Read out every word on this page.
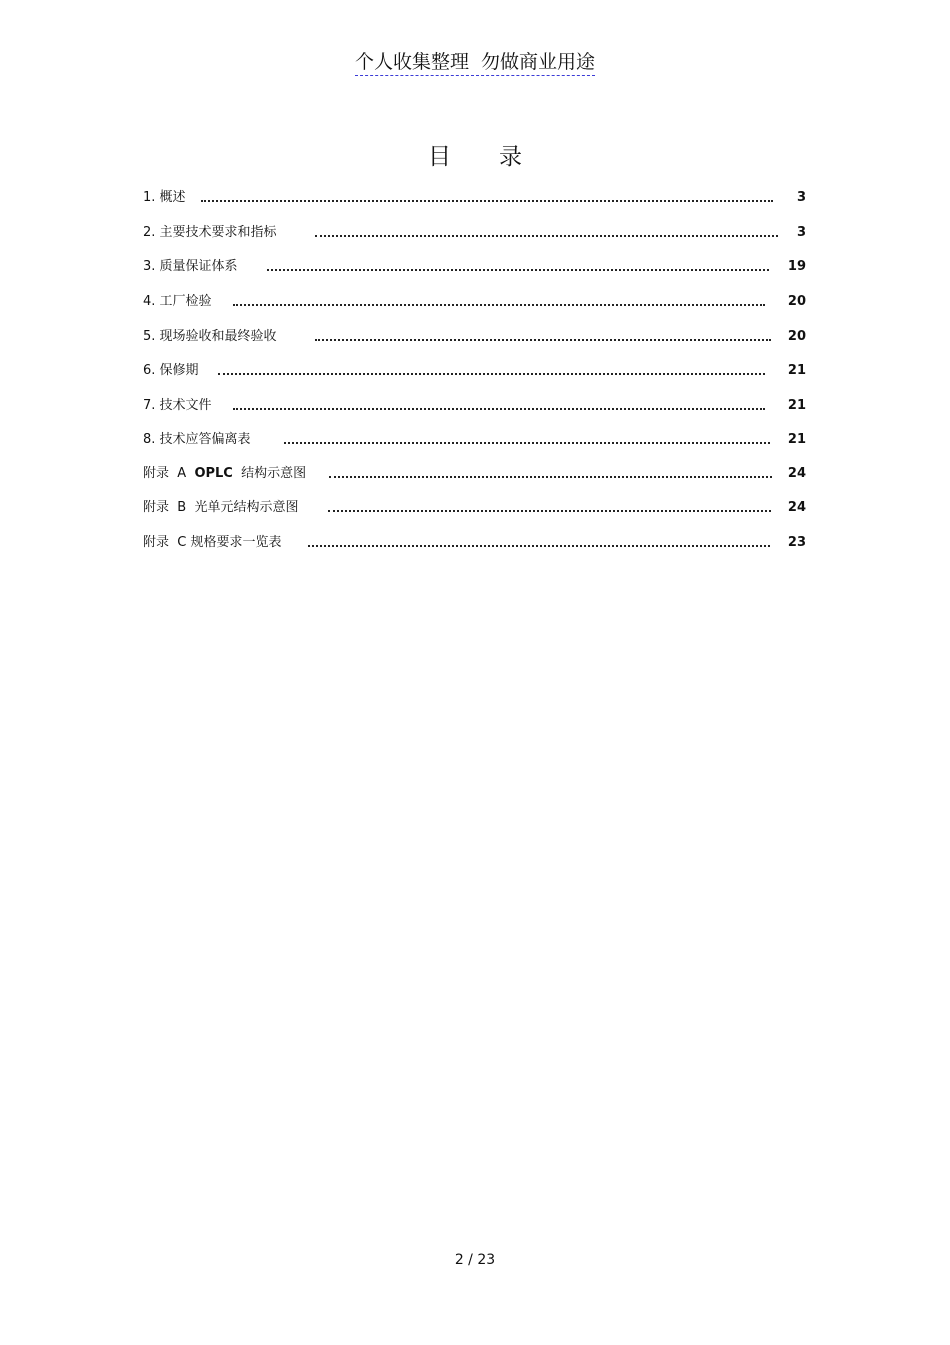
个人收集整理  勿做商业用途
目录
1. 概述	3
2. 主要技术要求和指标	3
3. 质量保证体系	19
4. 工厂检验	20
5. 现场验收和最终验收	20
6. 保修期	21
7. 技术文件	21
8. 技术应答偏离表	21
附录  A  OPLC  结构示意图	24
附录  B  光单元结构示意图	24
附录  C 规格要求一览表	23
2 / 23
